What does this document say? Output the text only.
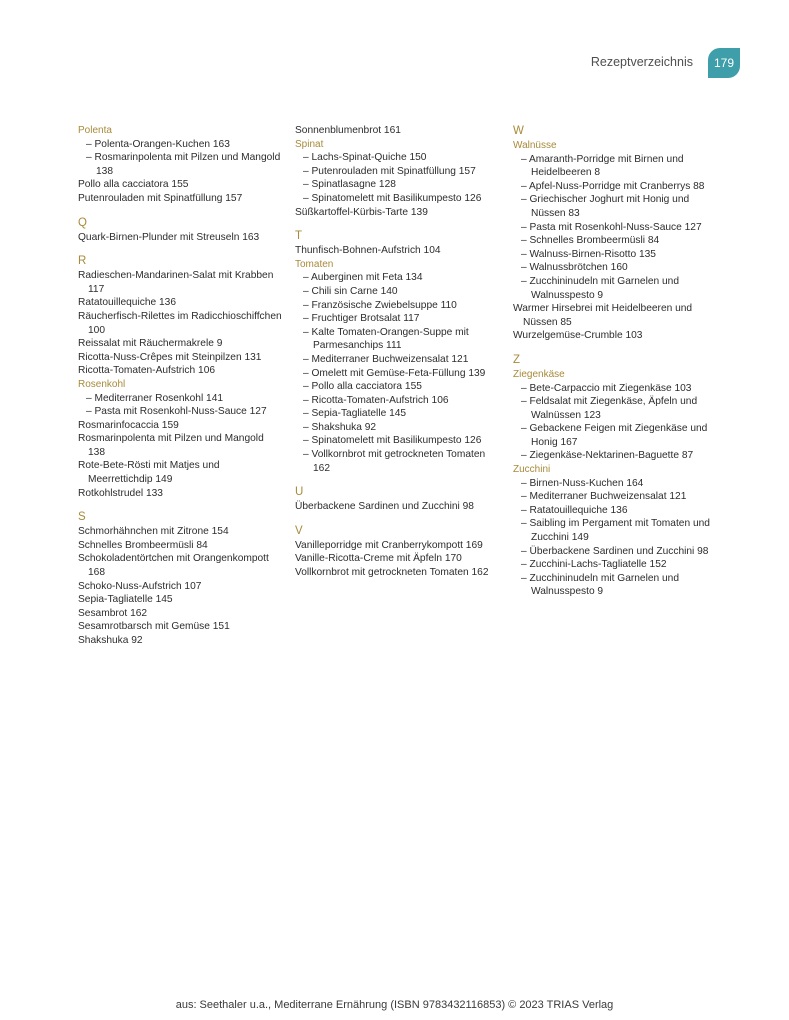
Rezeptverzeichnis	179
Polenta
– Polenta-Orangen-Kuchen 163
– Rosmarinpolenta mit Pilzen und Mangold 138
Pollo alla cacciatora 155
Putenrouladen mit Spinatfüllung 157
Q
Quark-Birnen-Plunder mit Streuseln 163
R
Radieschen-Mandarinen-Salat mit Krabben 117
Ratatouillequiche 136
Räucherfisch-Rilettes im Radicchioschiffchen 100
Reissalat mit Räuchermakrele 9
Ricotta-Nuss-Crêpes mit Steinpilzen 131
Ricotta-Tomaten-Aufstrich 106
Rosenkohl
– Mediterraner Rosenkohl 141
– Pasta mit Rosenkohl-Nuss-Sauce 127
Rosmarinfocaccia 159
Rosmarinpolenta mit Pilzen und Mangold 138
Rote-Bete-Rösti mit Matjes und Meerrettichdip 149
Rotkohlstrudel 133
S
Schmorhähnchen mit Zitrone 154
Schnelles Brombeermüsli 84
Schokoladentörtchen mit Orangenkompott 168
Schoko-Nuss-Aufstrich 107
Sepia-Tagliatelle 145
Sesambrot 162
Sesamrotbarsch mit Gemüse 151
Shakshuka 92
Sonnenblumenbrot 161
Spinat
– Lachs-Spinat-Quiche 150
– Putenrouladen mit Spinatfüllung 157
– Spinatlasagne 128
– Spinatomelett mit Basilikumpesto 126
Süßkartoffel-Kürbis-Tarte 139
T
Thunfisch-Bohnen-Aufstrich 104
Tomaten
– Auberginen mit Feta 134
– Chili sin Carne 140
– Französische Zwiebelsuppe 110
– Fruchtiger Brotsalat 117
– Kalte Tomaten-Orangen-Suppe mit Parmesanchips 111
– Mediterraner Buchweizensalat 121
– Omelett mit Gemüse-Feta-Füllung 139
– Pollo alla cacciatora 155
– Ricotta-Tomaten-Aufstrich 106
– Sepia-Tagliatelle 145
– Shakshuka 92
– Spinatomelett mit Basilikumpesto 126
– Vollkornbrot mit getrockneten Tomaten 162
U
Überbackene Sardinen und Zucchini 98
V
Vanilleporridge mit Cranberrykompott 169
Vanille-Ricotta-Creme mit Äpfeln 170
Vollkornbrot mit getrockneten Tomaten 162
W
Walnüsse
– Amaranth-Porridge mit Birnen und Heidelbeeren 8
– Apfel-Nuss-Porridge mit Cranberrys 88
– Griechischer Joghurt mit Honig und Nüssen 83
– Pasta mit Rosenkohl-Nuss-Sauce 127
– Schnelles Brombeermüsli 84
– Walnuss-Birnen-Risotto 135
– Walnussbrötchen 160
– Zucchininudeln mit Garnelen und Walnusspesto 9
Warmer Hirsebrei mit Heidelbeeren und Nüssen 85
Wurzelgemüse-Crumble 103
Z
Ziegenkäse
– Bete-Carpaccio mit Ziegenkäse 103
– Feldsalat mit Ziegenkäse, Äpfeln und Walnüssen 123
– Gebackene Feigen mit Ziegenkäse und Honig 167
– Ziegenkäse-Nektarinen-Baguette 87
Zucchini
– Birnen-Nuss-Kuchen 164
– Mediterraner Buchweizensalat 121
– Ratatouillequiche 136
– Saibling im Pergament mit Tomaten und Zucchini 149
– Überbackene Sardinen und Zucchini 98
– Zucchini-Lachs-Tagliatelle 152
– Zucchininudeln mit Garnelen und Walnusspesto 9
aus: Seethaler u.a., Mediterrane Ernährung (ISBN 9783432116853) © 2023 TRIAS Verlag
